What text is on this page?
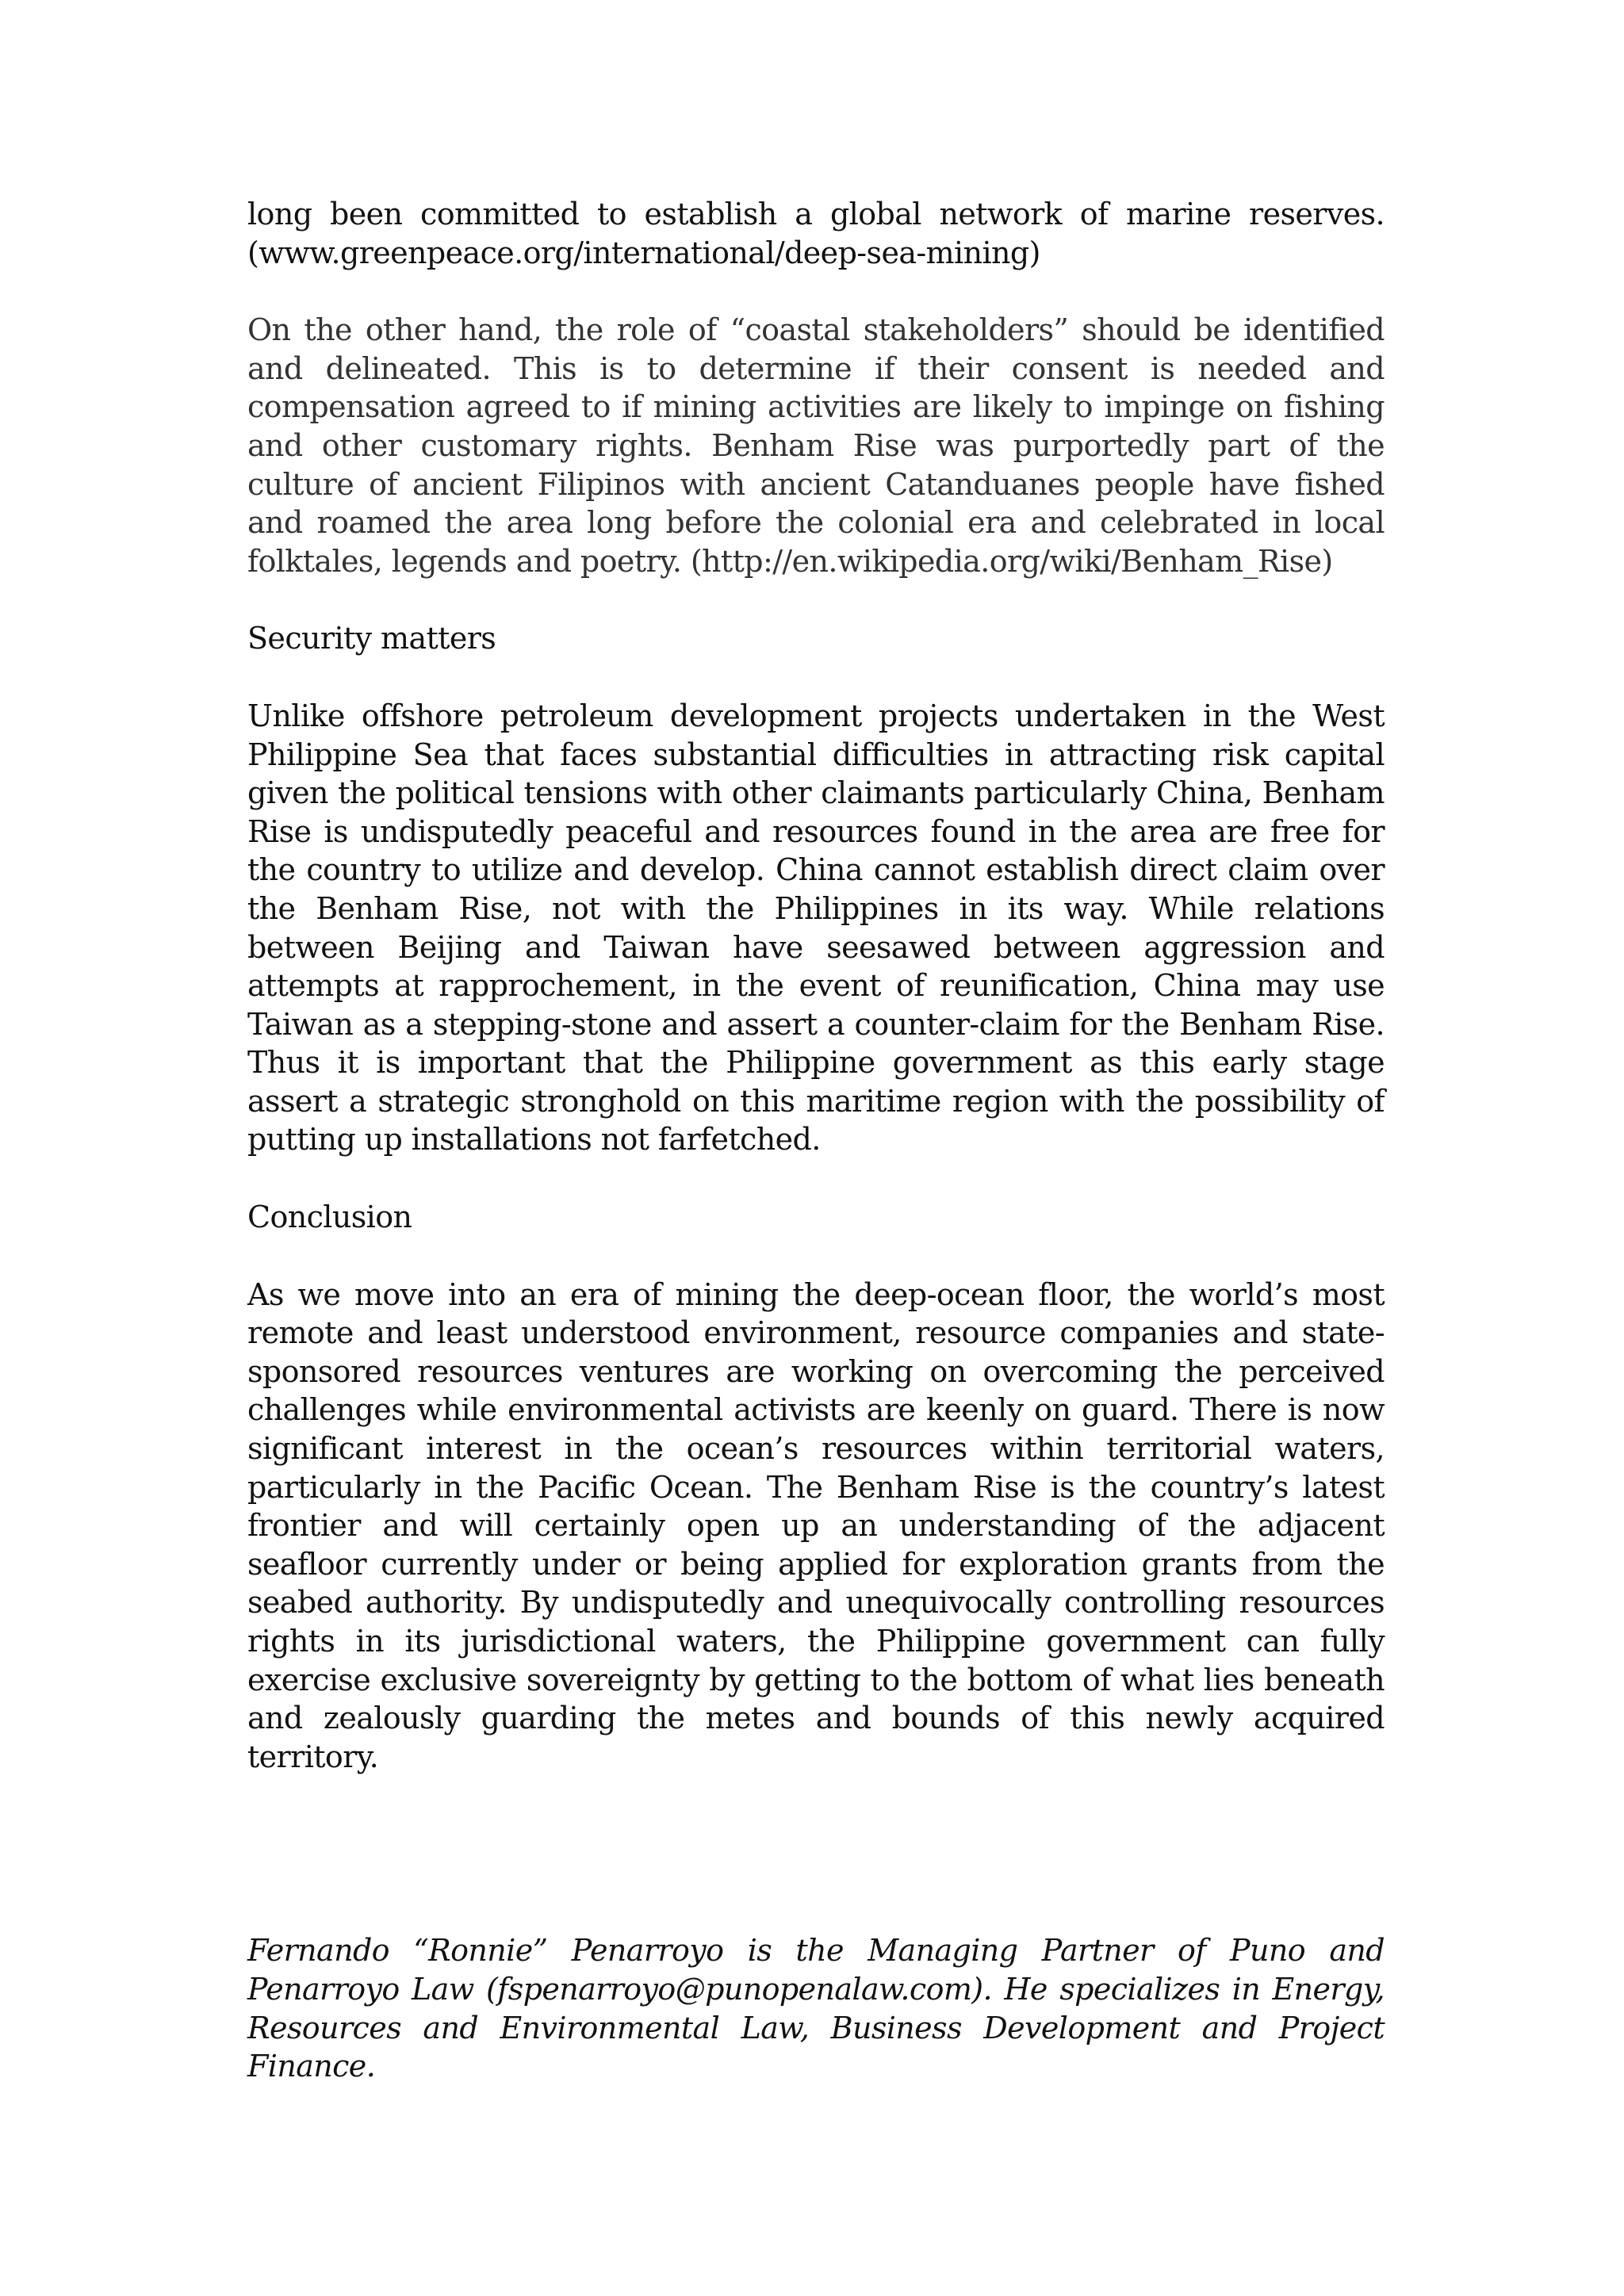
long been committed to establish a global network of marine reserves. (www.greenpeace.org/international/deep-sea-mining)

On the other hand, the role of “coastal stakeholders” should be identified and delineated. This is to determine if their consent is needed and compensation agreed to if mining activities are likely to impinge on fishing and other customary rights. Benham Rise was purportedly part of the culture of ancient Filipinos with ancient Catanduanes people have fished and roamed the area long before the colonial era and celebrated in local folktales, legends and poetry. (http://en.wikipedia.org/wiki/Benham_Rise)

Security matters

Unlike offshore petroleum development projects undertaken in the West Philippine Sea that faces substantial difficulties in attracting risk capital given the political tensions with other claimants particularly China, Benham Rise is undisputedly peaceful and resources found in the area are free for the country to utilize and develop. China cannot establish direct claim over the Benham Rise, not with the Philippines in its way. While relations between Beijing and Taiwan have seesawed between aggression and attempts at rapprochement, in the event of reunification, China may use Taiwan as a stepping-stone and assert a counter-claim for the Benham Rise. Thus it is important that the Philippine government as this early stage assert a strategic stronghold on this maritime region with the possibility of putting up installations not farfetched.

Conclusion

As we move into an era of mining the deep-ocean floor, the world’s most remote and least understood environment, resource companies and state-sponsored resources ventures are working on overcoming the perceived challenges while environmental activists are keenly on guard. There is now significant interest in the ocean’s resources within territorial waters, particularly in the Pacific Ocean. The Benham Rise is the country’s latest frontier and will certainly open up an understanding of the adjacent seafloor currently under or being applied for exploration grants from the seabed authority. By undisputedly and unequivocally controlling resources rights in its jurisdictional waters, the Philippine government can fully exercise exclusive sovereignty by getting to the bottom of what lies beneath and zealously guarding the metes and bounds of this newly acquired territory.

Fernando “Ronnie” Penarroyo is the Managing Partner of Puno and Penarroyo Law (fspenarroyo@punopenalaw.com). He specializes in Energy, Resources and Environmental Law, Business Development and Project Finance.
